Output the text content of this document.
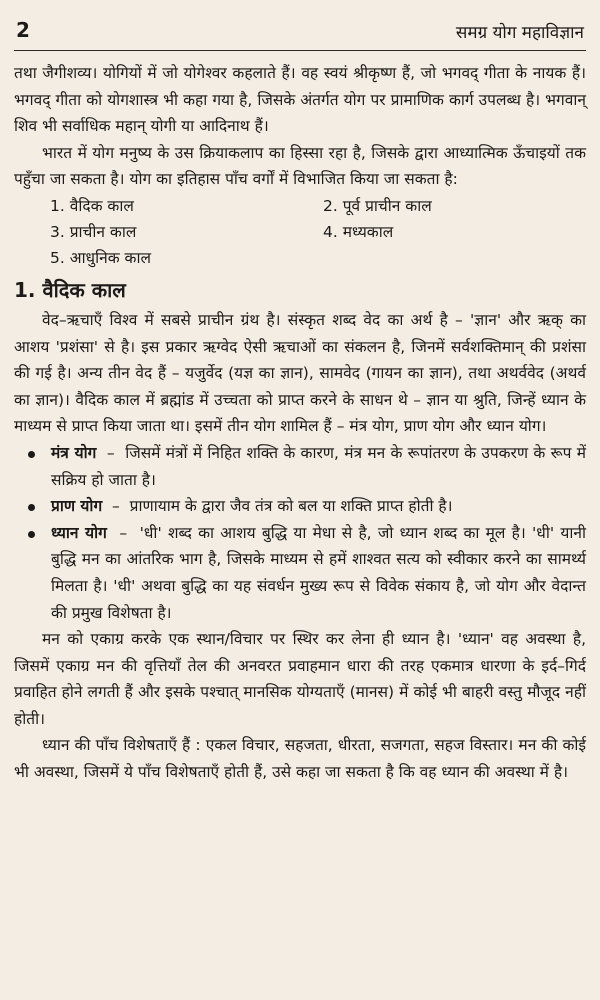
2	समग्र योग महाविज्ञान

तथा जैगीशव्य। योगियों में जो योगेश्वर कहलाते हैं। वह स्वयं श्रीकृष्ण हैं, जो भगवद् गीता के नायक हैं। भगवद् गीता को योगशास्त्र भी कहा गया है, जिसके अंतर्गत योग पर प्रामाणिक कार्ग उपलब्ध है। भगवान् शिव भी सर्वाधिक महान् योगी या आदिनाथ हैं।

भारत में योग मनुष्य के उस क्रियाकलाप का हिस्सा रहा है, जिसके द्वारा आध्यात्मिक ऊँचाइयों तक पहुँचा जा सकता है। योग का इतिहास पाँच वर्गों में विभाजित किया जा सकता है:

1. वैदिक काल	2. पूर्व प्राचीन काल
3. प्राचीन काल	4. मध्यकाल
5. आधुनिक काल
1. वैदिक काल

वेद–ऋचाएँ विश्व में सबसे प्राचीन ग्रंथ है। संस्कृत शब्द वेद का अर्थ है – 'ज्ञान' और ऋक् का आशय 'प्रशंसा' से है। इस प्रकार ऋग्वेद ऐसी ऋचाओं का संकलन है, जिनमें सर्वशक्तिमान् की प्रशंसा की गई है। अन्य तीन वेद हैं – यजुर्वेद (यज्ञ का ज्ञान), सामवेद (गायन का ज्ञान), तथा अथर्ववेद (अथर्व का ज्ञान)। वैदिक काल में ब्रह्मांड में उच्चता को प्राप्त करने के साधन थे – ज्ञान या श्रुति, जिन्हें ध्यान के माध्यम से प्राप्त किया जाता था। इसमें तीन योग शामिल हैं – मंत्र योग, प्राण योग और ध्यान योग।

मंत्र योग – जिसमें मंत्रों में निहित शक्ति के कारण, मंत्र मन के रूपांतरण के उपकरण के रूप में सक्रिय हो जाता है।
प्राण योग – प्राणायाम के द्वारा जैव तंत्र को बल या शक्ति प्राप्त होती है।
ध्यान योग – 'धी' शब्द का आशय बुद्धि या मेधा से है, जो ध्यान शब्द का मूल है। 'धी' यानी बुद्धि मन का आंतरिक भाग है, जिसके माध्यम से हमें शाश्वत सत्य को स्वीकार करने का सामर्थ्य मिलता है। 'धी' अथवा बुद्धि का यह संवर्धन मुख्य रूप से विवेक संकाय है, जो योग और वेदान्त की प्रमुख विशेषता है।

मन को एकाग्र करके एक स्थान/विचार पर स्थिर कर लेना ही ध्यान है। 'ध्यान' वह अवस्था है, जिसमें एकाग्र मन की वृत्तियाँ तेल की अनवरत प्रवाहमान धारा की तरह एकमात्र धारणा के इर्द–गिर्द प्रवाहित होने लगती हैं और इसके पश्चात् मानसिक योग्यताएँ (मानस) में कोई भी बाहरी वस्तु मौजूद नहीं होती।

ध्यान की पाँच विशेषताएँ हैं : एकल विचार, सहजता, धीरता, सजगता, सहज विस्तार। मन की कोई भी अवस्था, जिसमें ये पाँच विशेषताएँ होती हैं, उसे कहा जा सकता है कि वह ध्यान की अवस्था में है।
